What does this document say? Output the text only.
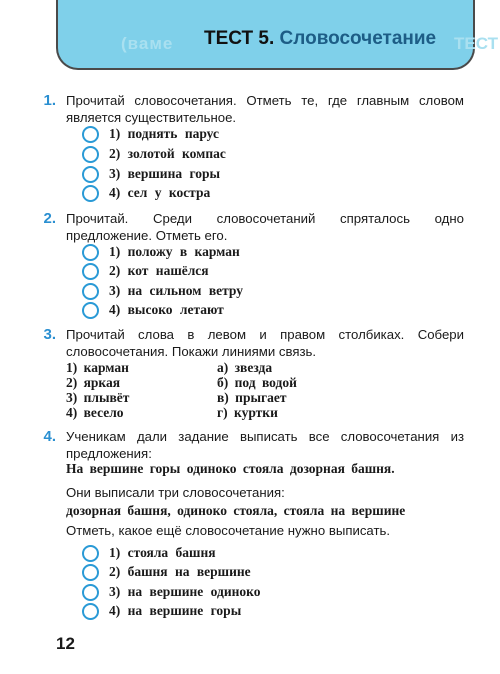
(ваме	ТЕСТ
ТЕСТ 5. Словосочетание
1. Прочитай словосочетания. Отметь те, где главным словом является существительное.
1) поднять парус
2) золотой компас
3) вершина горы
4) сел у костра
2. Прочитай. Среди словосочетаний спряталось одно предложение. Отметь его.
1) положу в карман
2) кот нашёлся
3) на сильном ветру
4) высоко летают
3. Прочитай слова в левом и правом столбиках. Собери словосочетания. Покажи линиями связь.
1) карман
2) яркая
3) плывёт
4) весело
а) звезда
б) под водой
в) прыгает
г) куртки
4. Ученикам дали задание выписать все словосочетания из предложения:
На вершине горы одиноко стояла дозорная башня.
Они выписали три словосочетания:
дозорная башня, одиноко стояла, стояла на вершине
Отметь, какое ещё словосочетание нужно выписать.
1) стояла башня
2) башня на вершине
3) на вершине одиноко
4) на вершине горы
12
